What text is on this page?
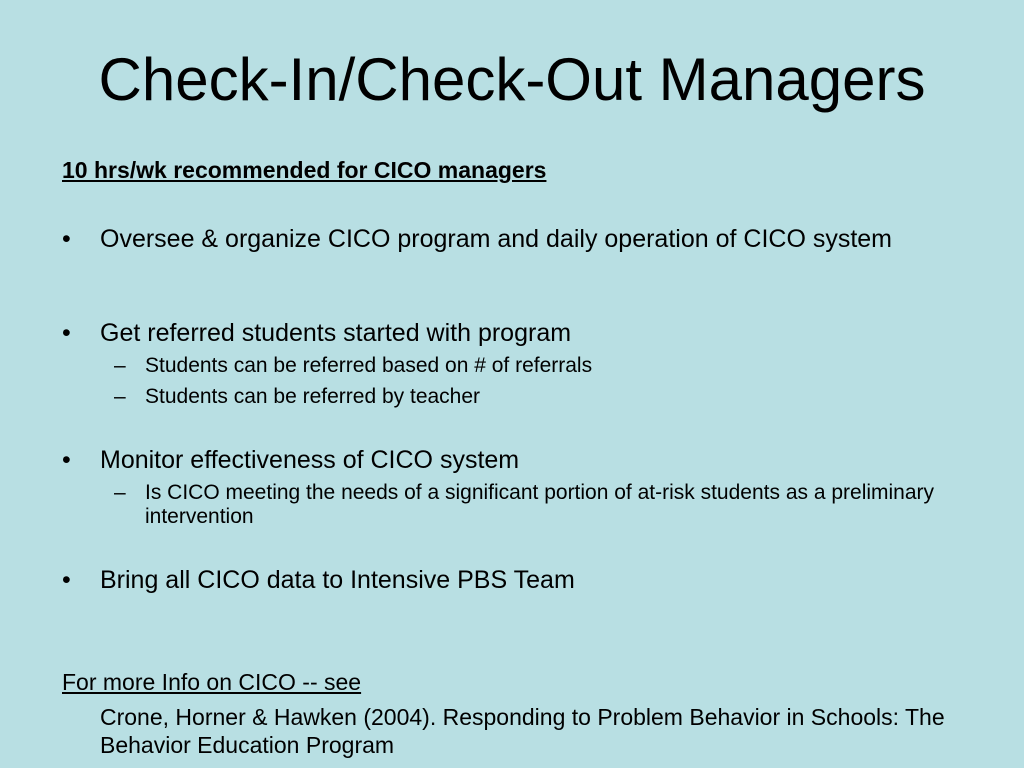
Check-In/Check-Out Managers
10 hrs/wk recommended for CICO managers
• Oversee & organize CICO program and daily operation of CICO system
• Get referred students started with program
– Students can be referred based on # of referrals
– Students can be referred by teacher
• Monitor effectiveness of CICO system
– Is CICO meeting the needs of a significant portion of at-risk students as a preliminary intervention
• Bring all CICO data to Intensive PBS Team
For more Info on CICO -- see
Crone, Horner & Hawken (2004). Responding to Problem Behavior in Schools: The Behavior Education Program
